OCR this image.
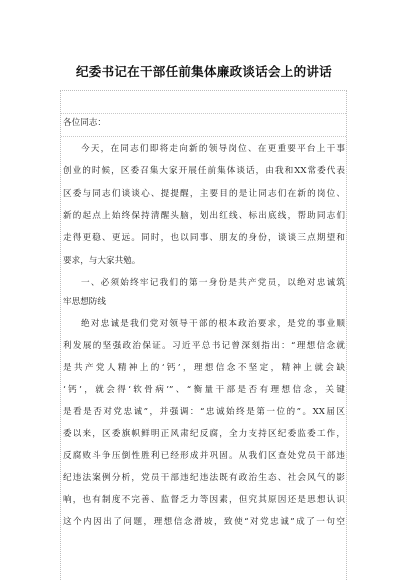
纪委书记在干部任前集体廉政谈话会上的讲话
各位同志：
今天，在同志们即将走向新的领导岗位、在更重要平台上干事
创业的时候，区委召集大家开展任前集体谈话，由我和XX常委代表
区委与同志们谈谈心、提提醒，主要目的是让同志们在新的岗位、
新的起点上始终保持清醒头脑，划出红线、标出底线，帮助同志们
走得更稳、更远。同时，也以同事、朋友的身份，谈谈三点期望和
要求，与大家共勉。
一、必须始终牢记我们的第一身份是共产党员，以绝对忠诚筑
牢思想防线
绝对忠诚是我们党对领导干部的根本政治要求，是党的事业顺
利发展的坚强政治保证。习近平总书记曾深刻指出：“理想信念就
是共产党人精神上的‘钙’，理想信念不坚定，精神上就会缺
‘钙’，就会得‘软骨病’”、“衡量干部是否有理想信念，关键
是看是否对党忠诚”，并强调：“忠诚始终是第一位的”。XX届区
委以来，区委旗帜鲜明正风肃纪反腐，全力支持区纪委监委工作，
反腐败斗争压倒性胜利已经形成并巩固。从我们区查处党员干部违
纪违法案例分析，党员干部违纪违法既有政治生态、社会风气的影
响，也有制度不完善、监督乏力等因素，但究其原因还是思想认识
这个内因出了问题，理想信念滑坡，致使“对党忠诚”成了一句空
